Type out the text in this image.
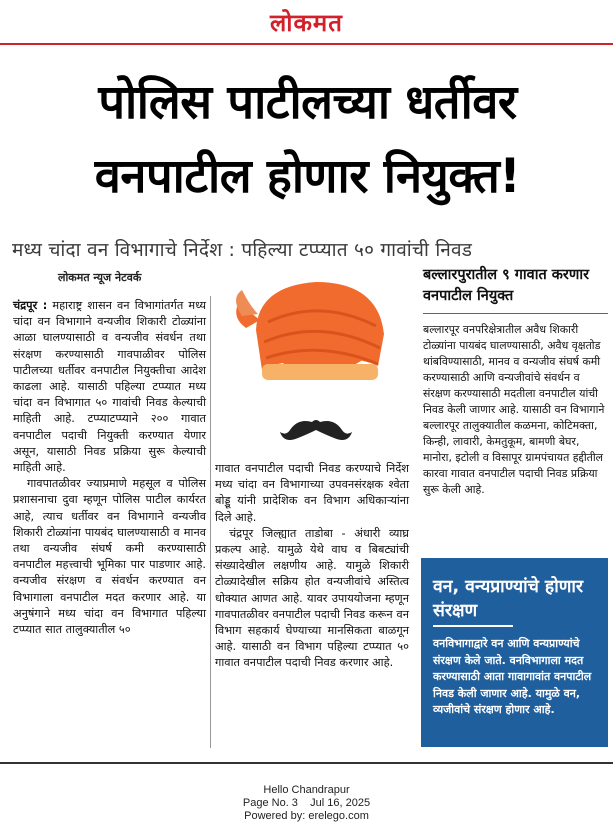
लोकमत
पोलिस पाटीलच्या धर्तीवर
वनपाटील होणार नियुक्त!
मध्य चांदा वन विभागाचे निर्देश : पहिल्या टप्प्यात ५० गावांची निवड
लोकमत न्यूज नेटवर्क

चंद्रपूर : महाराष्ट्र शासन वन विभागांतर्गत मध्य चांदा वन विभागाने वन्यजीव शिकारी टोळ्यांना आळा घालण्यासाठी व वन्यजीव संवर्धन तथा संरक्षण करण्यासाठी गावपाळीवर पोलिस पाटीलच्या धर्तीवर वनपाटील नियुक्तीचा आदेश काढला आहे. यासाठी पहिल्या टप्प्यात मध्य चांदा वन विभागात ५० गावांची निवड केल्याची माहिती आहे. टप्प्याटप्प्याने २०० गावात वनपाटील पदाची नियुक्ती करण्यात येणार असून, यासाठी निवड प्रक्रिया सुरू केल्याची माहिती आहे.

गावपातळीवर ज्याप्रमाणे महसूल व पोलिस प्रशासनाचा दुवा म्हणून पोलिस पाटील कार्यरत आहे, त्याच धर्तीवर वन विभागाने वन्यजीव शिकारी टोळ्यांना पायबंद घालण्यासाठी व मानव तथा वन्यजीव संघर्ष कमी करण्यासाठी वनपाटील महत्त्वाची भूमिका पार पाडणार आहे. वन्यजीव संरक्षण व संवर्धन करण्यात वन विभागाला वनपाटील मदत करणार आहे. या अनुषंगाने मध्य चांदा वन विभागात पहिल्या टप्प्यात सात तालुक्यातील ५०

गावात वनपाटील पदाची निवड करण्याचे निर्देश मध्य चांदा वन विभागाच्या उपवनसंरक्षक श्वेता बोड्डू यांनी प्रादेशिक वन विभाग अधिकाऱ्यांना दिले आहे.

चंद्रपूर जिल्ह्यात ताडोबा - अंधारी व्याघ्र प्रकल्प आहे. यामुळे येथे वाघ व बिबट्यांची संख्यादेखील लक्षणीय आहे. यामुळे शिकारी टोळ्यादेखील सक्रिय होत वन्यजीवांचे अस्तित्व धोक्यात आणत आहे. यावर उपाययोजना म्हणून गावपातळीवर वनपाटील पदाची निवड करून वन विभाग सहकार्य घेण्याच्या मानसिकता बाळगून आहे. यासाठी वन विभाग पहिल्या टप्प्यात ५० गावात वनपाटील पदाची निवड करणार आहे.

बल्लारपुरातील ९ गावात करणार वनपाटील नियुक्त
बल्लारपूर वनपरिक्षेत्रातील अवैध शिकारी टोळ्यांना पायबंद घालण्यासाठी, अवैध वृक्षतोड थांबविण्यासाठी, मानव व वन्यजीव संघर्ष कमी करण्यासाठी आणि वन्यजीवांचे संवर्धन व संरक्षण करण्यासाठी मदतीला वनपाटील यांची निवड केली जाणार आहे. यासाठी वन विभागाने बल्लारपूर तालुक्यातील कळमना, कोटिमक्ता, किन्ही, लावारी, केमतुकूम, बामणी बेघर, मानोरा, इटोली व विसापूर ग्रामपंचायत हद्दीतील कारवा गावात वनपाटील पदाची निवड प्रक्रिया सुरू केली आहे.
वन, वन्यप्राण्यांचे होणार संरक्षण
वनविभागाद्वारे वन आणि वन्यप्राण्यांचे संरक्षण केले जाते. वनविभागाला मदत करण्यासाठी आता गावागावांत वनपाटील निवड केली जाणार आहे. यामुळे वन, व्यजीवांचे संरक्षण होणार आहे.
Hello Chandrapur
Page No. 3    Jul 16, 2025
Powered by: erelego.com
